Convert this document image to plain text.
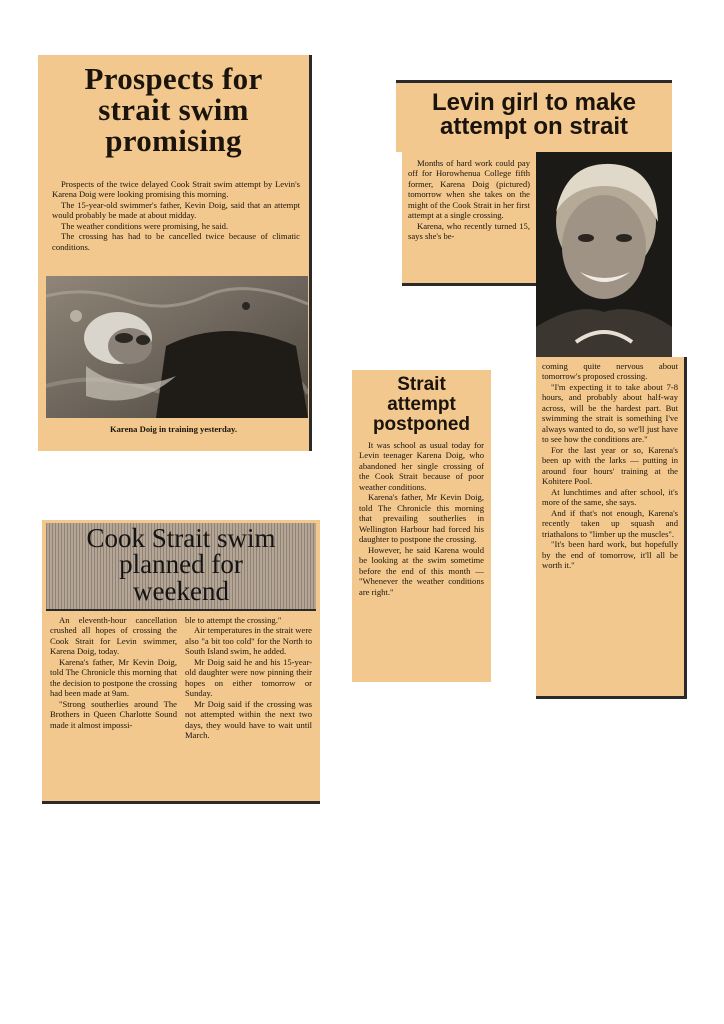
Prospects for
strait swim
promising

Prospects of the twice delayed Cook Strait swim attempt by Levin's Karena Doig were looking promising this morning.

The 15-year-old swimmer's father, Kevin Doig, said that an attempt would probably be made at about midday.

The weather conditions were promising, he said.

The crossing has had to be cancelled twice because of climatic conditions.

Karena Doig in training yesterday.
Levin girl to make
attempt on strait

Months of hard work could pay off for Horowhenua College fifth former, Karena Doig (pictured) tomorrow when she takes on the might of the Cook Strait in her first attempt at a single crossing.

Karena, who recently turned 15, says she's be-

coming quite nervous about tomorrow's proposed crossing.

"I'm expecting it to take about 7-8 hours, and probably about half-way across, will be the hardest part. But swimming the strait is something I've always wanted to do, so we'll just have to see how the conditions are."

For the last year or so, Karena's been up with the larks — putting in around four hours' training at the Kohitere Pool.

At lunchtimes and after school, it's more of the same, she says.

And if that's not enough, Karena's recently taken up squash and triathalons to "limber up the muscles".

"It's been hard work, but hopefully by the end of tomorrow, it'll all be worth it."

Strait
attempt
postponed

It was school as usual today for Levin teenager Karena Doig, who abandoned her single crossing of the Cook Strait because of poor weather conditions.

Karena's father, Mr Kevin Doig, told The Chronicle this morning that prevailing southerlies in Wellington Harbour had forced his daughter to postpone the crossing.

However, he said Karena would be looking at the swim sometime before the end of this month — "Whenever the weather conditions are right."

Cook Strait swim
planned for
weekend

An eleventh-hour cancellation crushed all hopes of crossing the Cook Strait for Levin swimmer, Karena Doig, today.

Karena's father, Mr Kevin Doig, told The Chronicle this morning that the decision to postpone the crossing had been made at 9am.

"Strong southerlies around The Brothers in Queen Charlotte Sound made it almost impossi-

ble to attempt the crossing."

Air temperatures in the strait were also "a bit too cold" for the North to South Island swim, he added.

Mr Doig said he and his 15-year-old daughter were now pinning their hopes on either tomorrow or Sunday.

Mr Doig said if the crossing was not attempted within the next two days, they would have to wait until March.
